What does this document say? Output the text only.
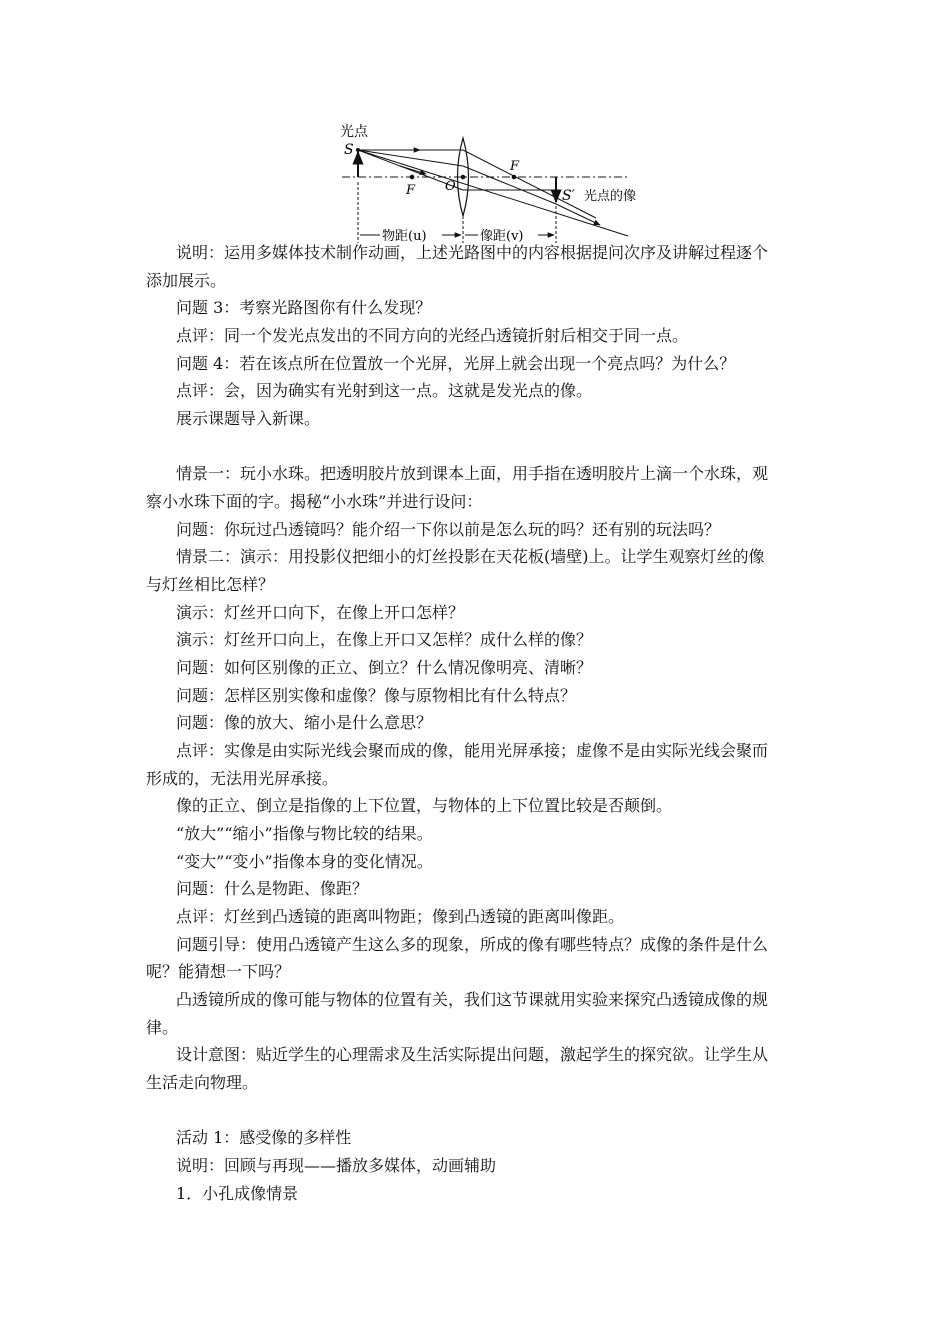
光点
S
F
F
O
S′ 光点的像
物距(u)	像距(v)
说明：运用多媒体技术制作动画，上述光路图中的内容根据提问次序及讲解过程逐个
添加展示。
问题 3：考察光路图你有什么发现？
点评：同一个发光点发出的不同方向的光经凸透镜折射后相交于同一点。
问题 4：若在该点所在位置放一个光屏，光屏上就会出现一个亮点吗？为什么？
点评：会，因为确实有光射到这一点。这就是发光点的像。
展示课题导入新课。
情景一：玩小水珠。把透明胶片放到课本上面，用手指在透明胶片上滴一个水珠，观
察小水珠下面的字。揭秘“小水珠”并进行设问：
问题：你玩过凸透镜吗？能介绍一下你以前是怎么玩的吗？还有别的玩法吗？
情景二：演示：用投影仪把细小的灯丝投影在天花板(墙壁)上。让学生观察灯丝的像
与灯丝相比怎样？
演示：灯丝开口向下，在像上开口怎样？
演示：灯丝开口向上，在像上开口又怎样？成什么样的像？
问题：如何区别像的正立、倒立？什么情况像明亮、清晰？
问题：怎样区别实像和虚像？像与原物相比有什么特点？
问题：像的放大、缩小是什么意思？
点评：实像是由实际光线会聚而成的像，能用光屏承接；虚像不是由实际光线会聚而
形成的，无法用光屏承接。
像的正立、倒立是指像的上下位置，与物体的上下位置比较是否颠倒。
“放大”“缩小”指像与物比较的结果。
“变大”“变小”指像本身的变化情况。
问题：什么是物距、像距？
点评：灯丝到凸透镜的距离叫物距；像到凸透镜的距离叫像距。
问题引导：使用凸透镜产生这么多的现象，所成的像有哪些特点？成像的条件是什么
呢？能猜想一下吗？
凸透镜所成的像可能与物体的位置有关，我们这节课就用实验来探究凸透镜成像的规
律。
设计意图：贴近学生的心理需求及生活实际提出问题，激起学生的探究欲。让学生从
生活走向物理。
活动 1：感受像的多样性
说明：回顾与再现——播放多媒体，动画辅助
1．小孔成像情景
